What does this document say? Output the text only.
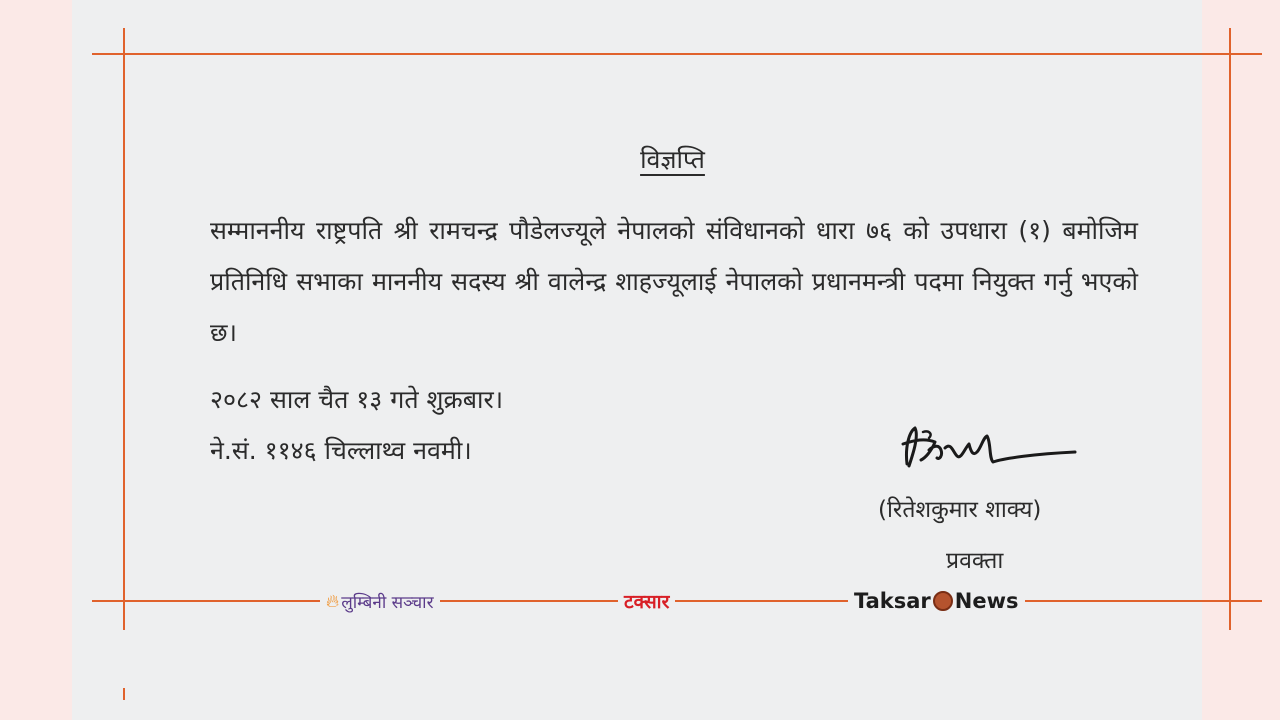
विज्ञप्ति
सम्माननीय राष्ट्रपति श्री रामचन्द्र पौडेलज्यूले नेपालको संविधानको धारा ७६ को उपधारा (१) बमोजिम प्रतिनिधि सभाका माननीय सदस्य श्री वालेन्द्र शाहज्यूलाई नेपालको प्रधानमन्त्री पदमा नियुक्त गर्नु भएको छ।
२०८२ साल चैत १३ गते शुक्रबार।
ने.सं. ११४६ चिल्लाथ्व नवमी।
(रितेशकुमार शाक्य)
प्रवक्ता
🔥︎ लुम्बिनी सञ्चार	टक्सार	Taksar News
